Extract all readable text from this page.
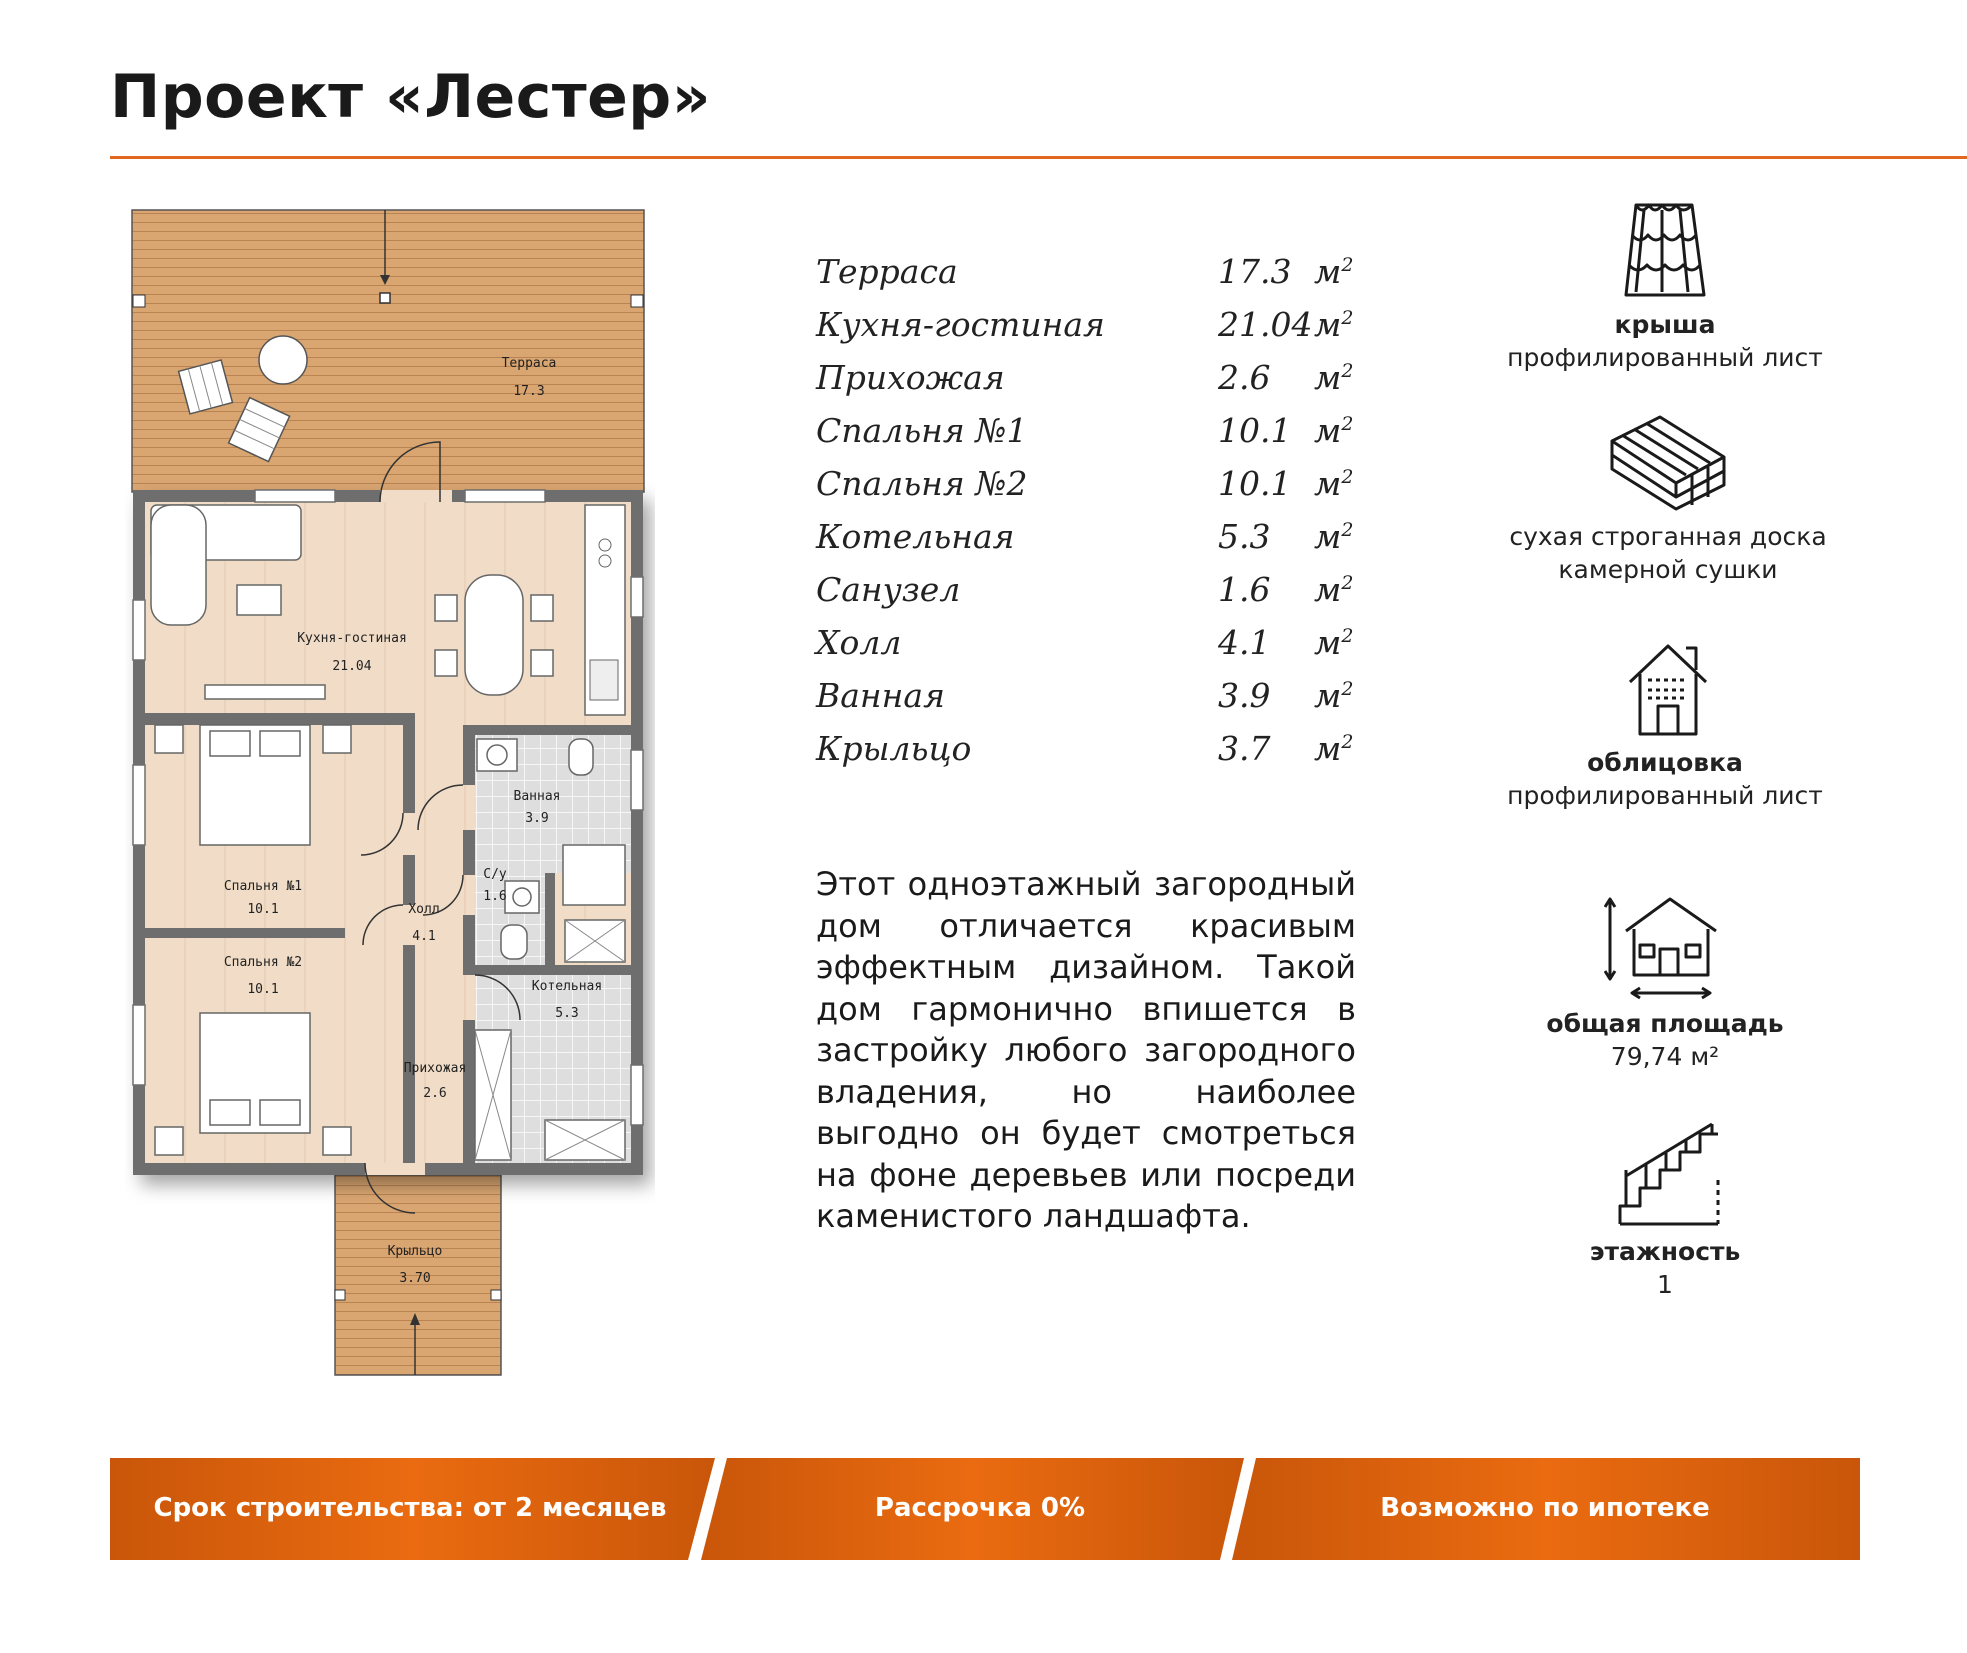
Проект «Лестер»
Терраса
17.3
Кухня-гостиная
21.04
Ванная
3.9
С/у
1.6
Спальня №1
10.1	Холл
4.1
Спальня №2
10.1	Котельная
5.3
Прихожая
2.6
Крыльцо
3.70
Терраса	17.3 $м^2$
Кухня-гостиная	21.04 $м^2$
Прихожая	2.6 $м^2$
Спальня №1	10.1 $м^2$
Спальня №2	10.1 $м^2$
Котельная	5.3 $м^2$
Санузел	1.6 $м^2$
Холл	4.1 $м^2$
Ванная	3.9 $м^2$
Крыльцо	3.7 $м^2$
Этот одноэтажный загородный дом отличается красивым эффектным дизайном. Такой дом гармонично впишется в застройку любого загородного владения, но наиболее выгодно он будет смотреться на фоне деревьев или посреди каменистого ландшафта.
крыша
профилированный лист
сухая строганная доска
камерной сушки
облицовка
профилированный лист
общая площадь
79,74 м²
этажность
1
Срок строительства: от 2 месяцев	Рассрочка 0%	Возможно по ипотеке
